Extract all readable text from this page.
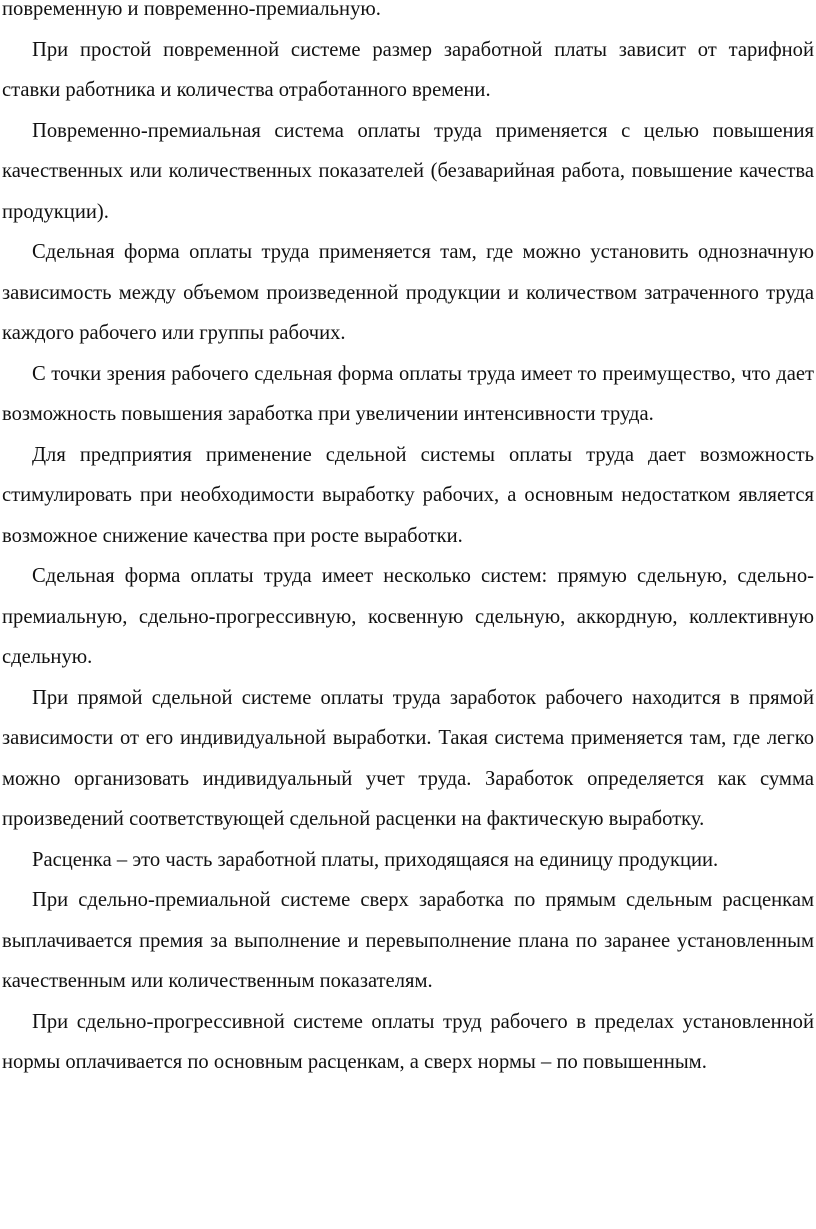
повременную и повременно-премиальную.

При простой повременной системе размер заработной платы зависит от тарифной ставки работника и количества отработанного времени.

Повременно-премиальная система оплаты труда применяется с целью повышения качественных или количественных показателей (безаварийная работа, повышение качества продукции).

Сдельная форма оплаты труда применяется там, где можно установить однозначную зависимость между объемом произведенной продукции и количеством затраченного труда каждого рабочего или группы рабочих.

С точки зрения рабочего сдельная форма оплаты труда имеет то преимущество, что дает возможность повышения заработка при увеличении интенсивности труда.

Для предприятия применение сдельной системы оплаты труда дает возможность стимулировать при необходимости выработку рабочих, а основным недостатком является возможное снижение качества при росте выработки.

Сдельная форма оплаты труда имеет несколько систем: прямую сдельную, сдельно-премиальную, сдельно-прогрессивную, косвенную сдельную, аккордную, коллективную сдельную.

При прямой сдельной системе оплаты труда заработок рабочего находится в прямой зависимости от его индивидуальной выработки. Такая система применяется там, где легко можно организовать индивидуальный учет труда. Заработок определяется как сумма произведений соответствующей сдельной расценки на фактическую выработку.

Расценка – это часть заработной платы, приходящаяся на единицу продукции.

При сдельно-премиальной системе сверх заработка по прямым сдельным расценкам выплачивается премия за выполнение и перевыполнение плана по заранее установленным качественным или количественным показателям.

При сдельно-прогрессивной системе оплаты труд рабочего в пределах установленной нормы оплачивается по основным расценкам, а сверх нормы – по повышенным.
